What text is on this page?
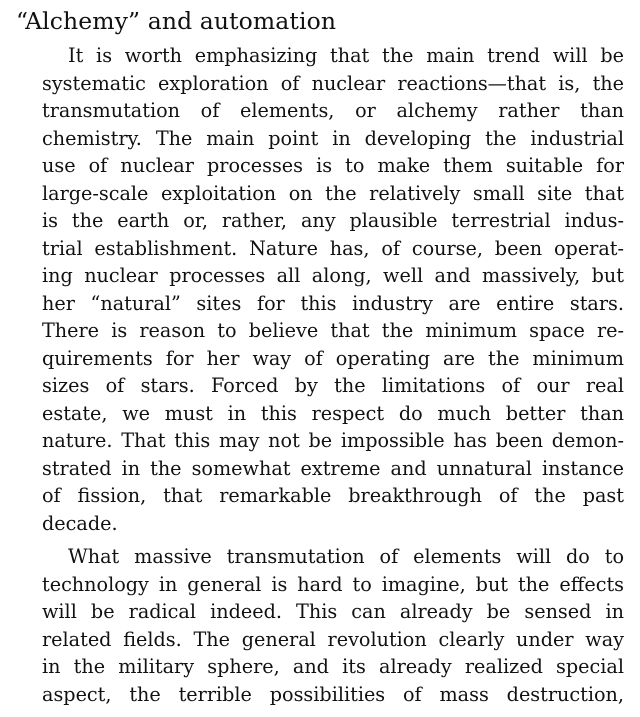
“Alchemy” and automation
It is worth emphasizing that the main trend will be
systematic exploration of nuclear reactions—that is, the
transmutation of elements, or alchemy rather than
chemistry. The main point in developing the industrial
use of nuclear processes is to make them suitable for
large-scale exploitation on the relatively small site that
is the earth or, rather, any plausible terrestrial indus-
trial establishment. Nature has, of course, been operat-
ing nuclear processes all along, well and massively, but
her “natural” sites for this industry are entire stars.
There is reason to believe that the minimum space re-
quirements for her way of operating are the minimum
sizes of stars. Forced by the limitations of our real
estate, we must in this respect do much better than
nature. That this may not be impossible has been demon-
strated in the somewhat extreme and unnatural instance
of fission, that remarkable breakthrough of the past
decade.
What massive transmutation of elements will do to
technology in general is hard to imagine, but the effects
will be radical indeed. This can already be sensed in
related fields. The general revolution clearly under way
in the military sphere, and its already realized special
aspect, the terrible possibilities of mass destruction,
